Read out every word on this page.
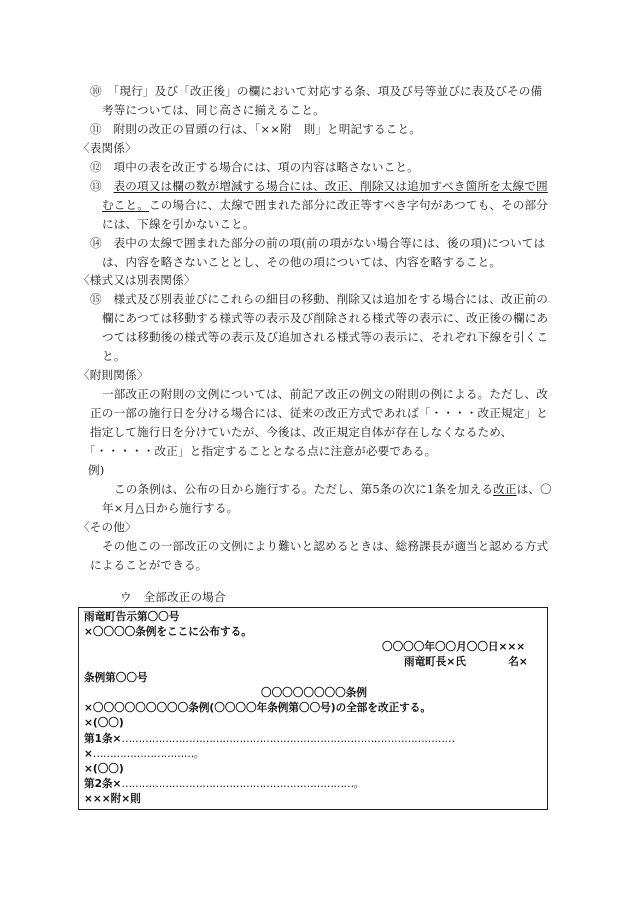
⑩　「現行」及び「改正後」の欄において対応する条、項及び号等並びに表及びその備
考等については、同じ高さに揃えること。
⑪　附則の改正の冒頭の行は、「××附　則」と明記すること。
〈表関係〉
⑫　項中の表を改正する場合には、項の内容は略さないこと。
⑬　表の項又は欄の数が増減する場合には、改正、削除又は追加すべき箇所を太線で囲
むこと。この場合に、太線で囲まれた部分に改正等すべき字句があつても、その部分
には、下線を引かないこと。
⑭　表中の太線で囲まれた部分の前の項(前の項がない場合等には、後の項)については
は、内容を略さないこととし、その他の項については、内容を略すること。
〈様式又は別表関係〉
⑮　様式及び別表並びにこれらの細目の移動、削除又は追加をする場合には、改正前の
欄にあつては移動する様式等の表示及び削除される様式等の表示に、改正後の欄にあ
つては移動後の様式等の表示及び追加される様式等の表示に、それぞれ下線を引くこ
と。
〈附則関係〉
一部改正の附則の文例については、前記ア改正の例文の附則の例による。ただし、改
正の一部の施行日を分ける場合には、従来の改正方式であれば「・・・・改正規定」と
指定して施行日を分けていたが、今後は、改正規定自体が存在しなくなるため、
「・・・・・改正」と指定することとなる点に注意が必要である。
例)
この条例は、公布の日から施行する。ただし、第5条の次に1条を加える改正は、〇
年×月△日から施行する。
〈その他〉
その他この一部改正の文例により難いと認めるときは、総務課長が適当と認める方式
によることができる。
ウ　全部改正の場合
雨竜町告示第〇〇号
×〇〇〇〇条例をここに公布する。
〇〇〇〇年〇〇月〇〇日×××
雨竜町長×氏　　　　名×
条例第〇〇号
〇〇〇〇〇〇〇〇条例
×〇〇〇〇〇〇〇〇〇条例(〇〇〇〇年条例第〇〇号)の全部を改正する。
×(〇〇)
第1条×………………………………………………………………………………………
×…………………………。
×(〇〇)
第2条×……………………………………………………………。
×××附×則
